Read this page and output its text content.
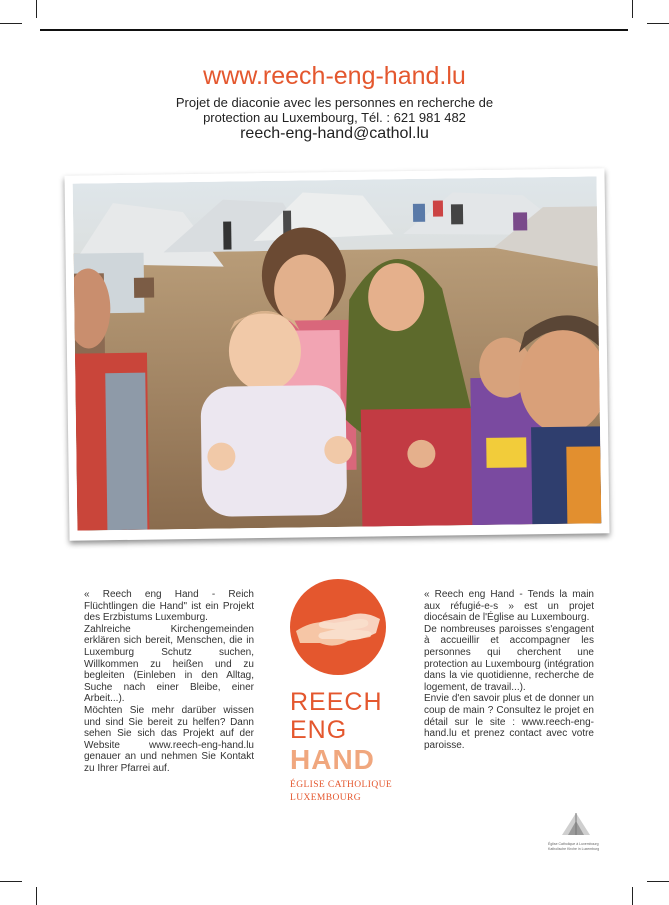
www.reech-eng-hand.lu
Projet de diaconie avec les personnes en recherche de
protection au Luxembourg, Tél. : 621 981 482
reech-eng-hand@cathol.lu

« Reech eng Hand - Reich Flüchtlingen die Hand" ist ein Projekt des Erzbistums Luxemburg.

Zahlreiche Kirchengemeinden erklären sich bereit, Menschen, die in Luxemburg Schutz suchen, Willkommen zu heißen und zu begleiten (Einleben in den Alltag, Suche nach einer Bleibe, einer Arbeit...).

Möchten Sie mehr darüber wissen und sind Sie bereit zu helfen? Dann sehen Sie sich das Projekt auf der Website www.reech-eng-hand.lu genauer an und nehmen Sie Kontakt zu Ihrer Pfarrei auf.

REECH
ENG
HAND
ÉGLISE CATHOLIQUE
LUXEMBOURG

« Reech eng Hand - Tends la main aux réfugié-e-s » est un projet diocésain de l'Église au Luxembourg.

De nombreuses paroisses s'engagent à accueillir et accompagner les personnes qui cherchent une protection au Luxembourg (intégration dans la vie quotidienne, recherche de logement, de travail...).

Envie d'en savoir plus et de donner un coup de main ? Consultez le projet en détail sur le site : www.reech-eng-hand.lu et prenez contact avec votre paroisse.

Église Catholique à Luxembourg
Katholische Kirche in Luxemburg
